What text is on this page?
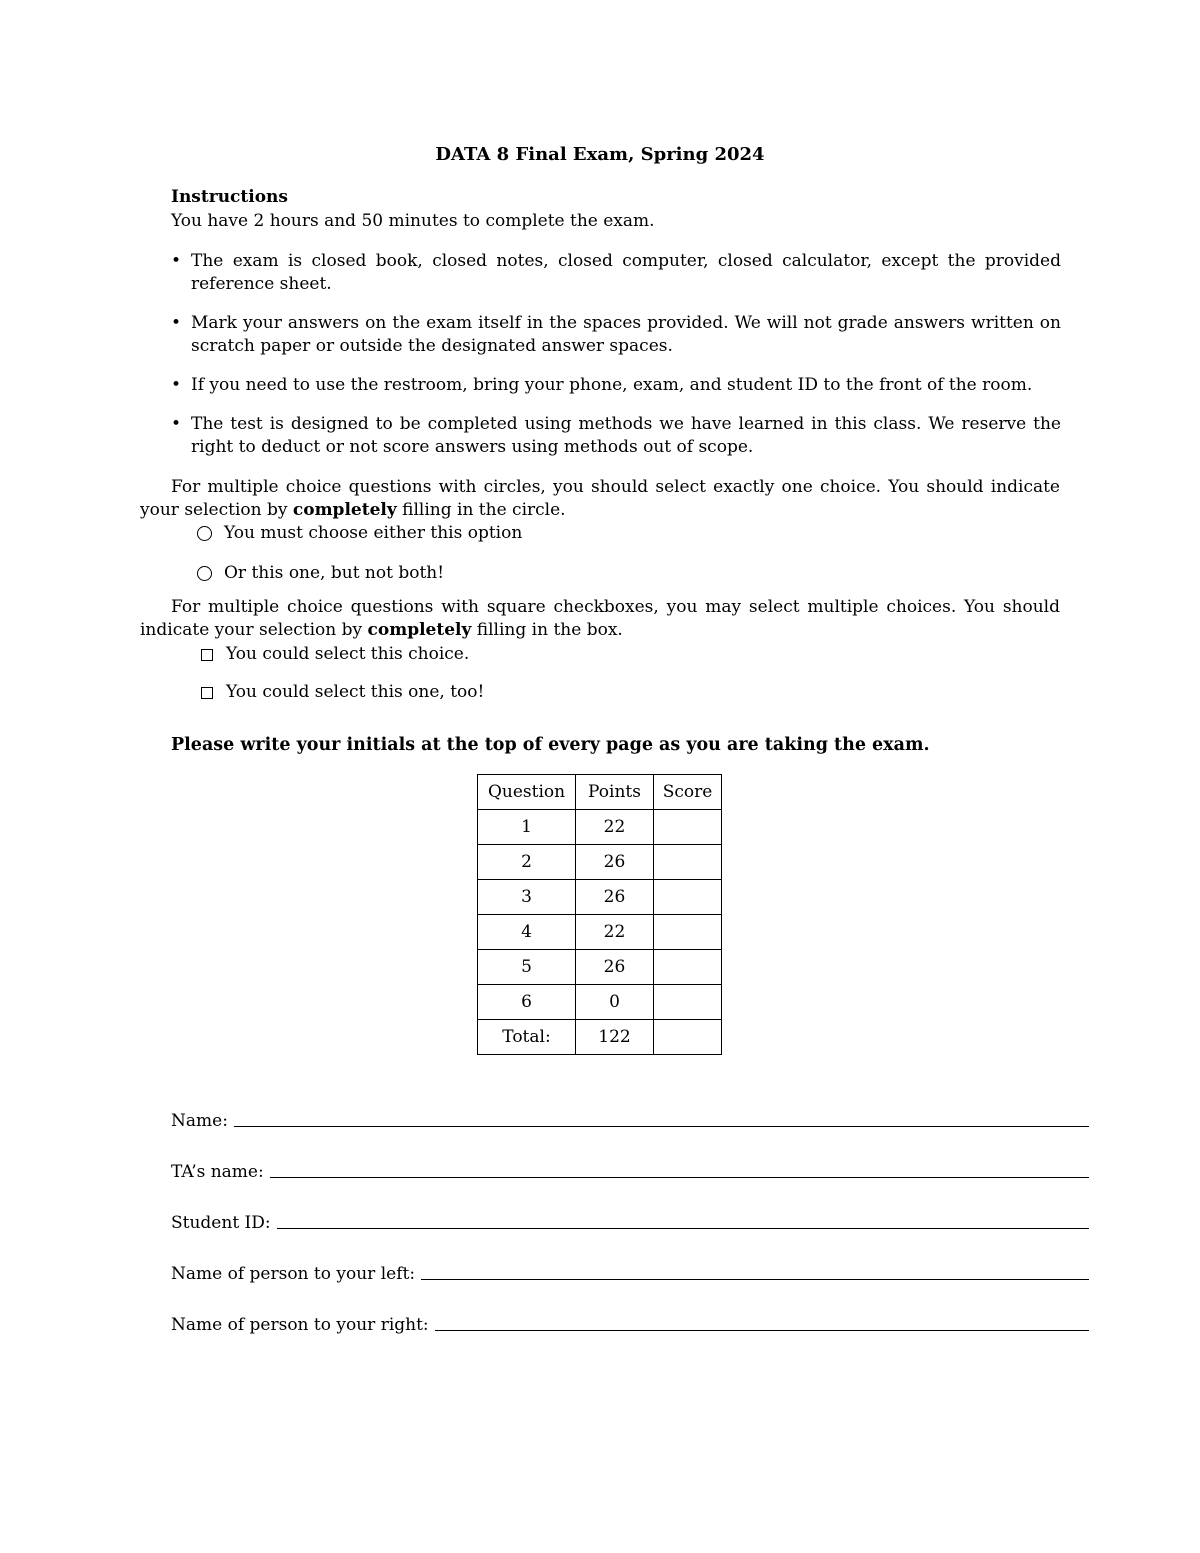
DATA 8 Final Exam, Spring 2024
Instructions
You have 2 hours and 50 minutes to complete the exam.
• The exam is closed book, closed notes, closed computer, closed calculator, except the provided reference sheet.
• Mark your answers on the exam itself in the spaces provided. We will not grade answers written on scratch paper or outside the designated answer spaces.
• If you need to use the restroom, bring your phone, exam, and student ID to the front of the room.
• The test is designed to be completed using methods we have learned in this class. We reserve the right to deduct or not score answers using methods out of scope.
For multiple choice questions with circles, you should select exactly one choice. You should indicate your selection by completely filling in the circle.
You must choose either this option
Or this one, but not both!
For multiple choice questions with square checkboxes, you may select multiple choices. You should indicate your selection by completely filling in the box.
You could select this choice.
You could select this one, too!
Please write your initials at the top of every page as you are taking the exam.
Question	Points	Score
1	22	
2	26	
3	26	
4	22	
5	26	
6	0	
Total:	122	
Name:
TA’s name:
Student ID:
Name of person to your left:
Name of person to your right:
